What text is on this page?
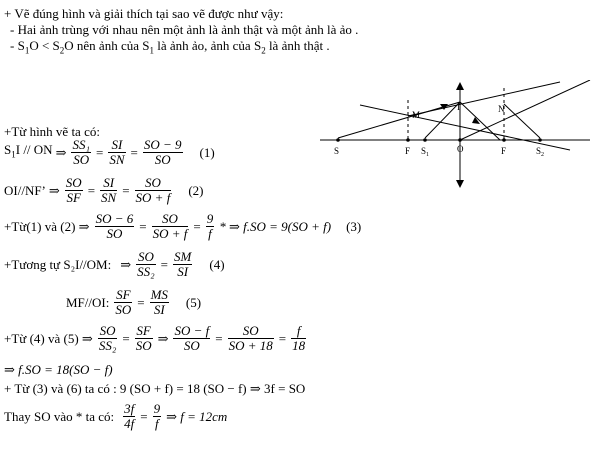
+ Vẽ đúng hình và giải thích tại sao vẽ được như vậy:
- Hai ảnh trùng với nhau nên một ảnh là ảnh thật và một ảnh là ảo .
- $S_1O < S_2O$ nên ảnh của $S_1$ là ảnh ảo, ảnh của $S_2$ là ảnh thật .
S	F S 1
O	F	S 2
M
I	N
+Từ hình vẽ ta có:
$S_1I$ // ON ⇒ $\frac{\text{SS₁}}{SO} = \frac{SI}{SN} = \frac{SO - 9}{SO} (1)$
OI//NF’ ⇒ $\frac{SO}{SF} = \frac{SI}{SN} = \frac{SO}{SO + f} (2)$
+Từ(1) và (2) ⇒ $\frac{SO - 6}{SO} = \frac{SO}{SO + f} = \frac{9}{f}$ * ⇒ f.SO = 9(SO + f) (3)
+Tương tự S₂I//OM: ⇒ $\frac{SO}{\text{SS₂}} = \frac{SM}{SI} (4)$
MF//OI: $\frac{SF}{SO} = \frac{MS}{SI} (5)$
+Từ (4) và (5) ⇒ $\frac{SO}{\text{SS₂}} = \frac{SF}{SO}$ ⇒ $\frac{SO - f}{SO} = \frac{SO}{SO + 18} = \frac{f}{18}$
⇒ f.SO = 18(SO − f)
+ Từ (3) và (6) ta có : 9 (SO + f) = 18 (SO − f) ⇒ 3f = SO
Thay SO vào * ta có: $\frac{3f}{4f} = \frac{9}{f}$ ⇒ f = 12cm
